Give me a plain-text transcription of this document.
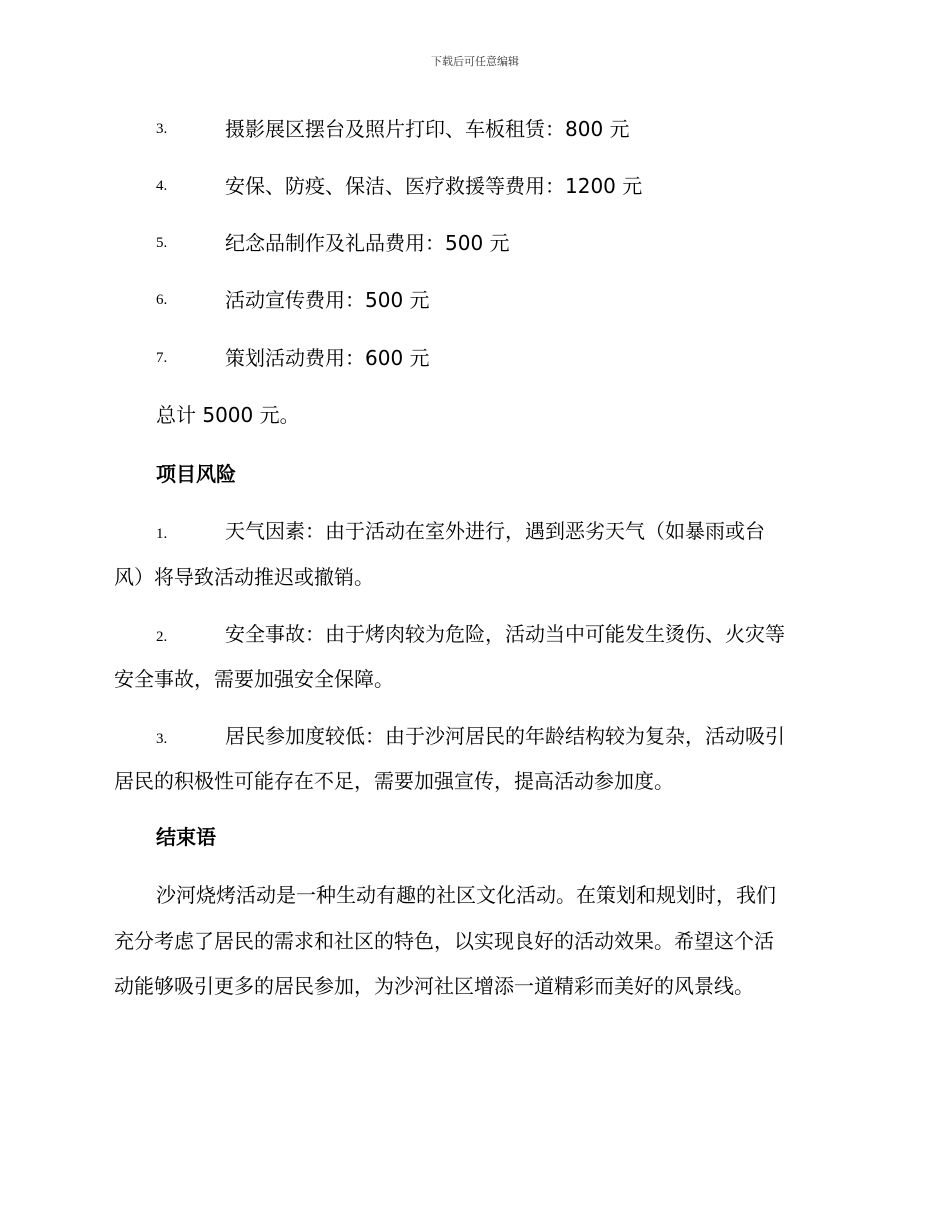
下载后可任意编辑
3.	摄影展区摆台及照片打印、车板租赁：800 元
4.	安保、防疫、保洁、医疗救援等费用：1200 元
5.	纪念品制作及礼品费用：500 元
6.	活动宣传费用：500 元
7.	策划活动费用：600 元
总计 5000 元。
项目风险
1.	天气因素：由于活动在室外进行，遇到恶劣天气（如暴雨或台
风）将导致活动推迟或撤销。
2.	安全事故：由于烤肉较为危险，活动当中可能发生烫伤、火灾等
安全事故，需要加强安全保障。
3.	居民参加度较低：由于沙河居民的年龄结构较为复杂，活动吸引
居民的积极性可能存在不足，需要加强宣传，提高活动参加度。
结束语
沙河烧烤活动是一种生动有趣的社区文化活动。在策划和规划时，我们
充分考虑了居民的需求和社区的特色，以实现良好的活动效果。希望这个活
动能够吸引更多的居民参加，为沙河社区增添一道精彩而美好的风景线。
